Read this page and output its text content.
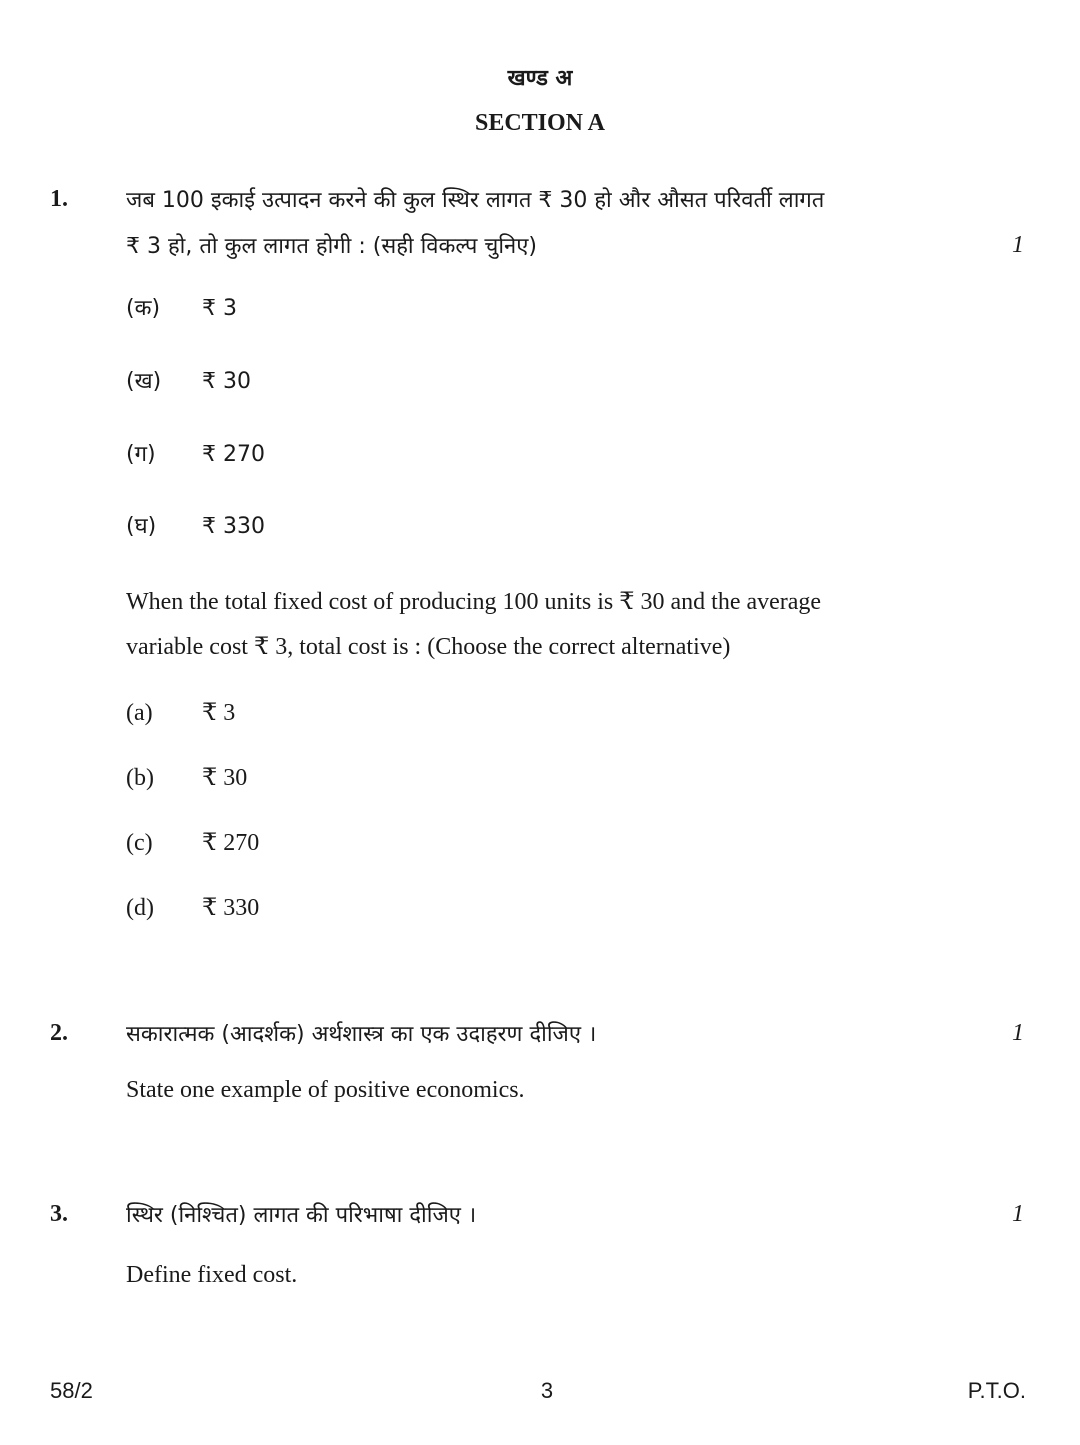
खण्ड अ
SECTION A
1.	जब 100 इकाई उत्पादन करने की कुल स्थिर लागत ₹ 30 हो और औसत परिवर्ती लागत
₹ 3 हो, तो कुल लागत होगी : (सही विकल्प चुनिए)	1
(क) ₹ 3
(ख) ₹ 30
(ग) ₹ 270
(घ) ₹ 330
When the total fixed cost of producing 100 units is ₹ 30 and the average
variable cost ₹ 3, total cost is : (Choose the correct alternative)
(a) ₹ 3
(b) ₹ 30
(c) ₹ 270
(d) ₹ 330
2.	सकारात्मक (आदर्शक) अर्थशास्त्र का एक उदाहरण दीजिए ।	1
State one example of positive economics.
3.	स्थिर (निश्चित) लागत की परिभाषा दीजिए ।	1
Define fixed cost.
58/2	3	P.T.O.
